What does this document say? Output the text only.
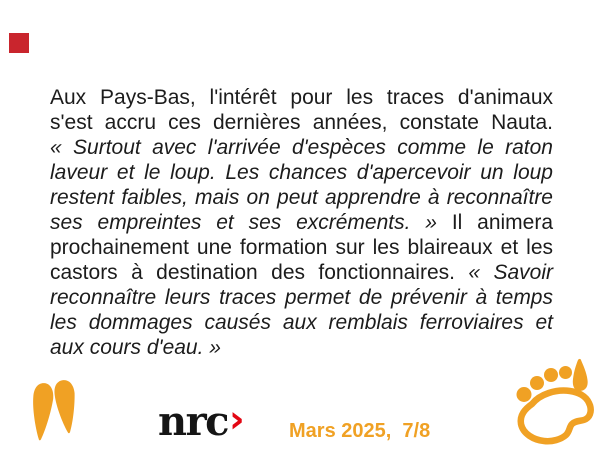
Aux Pays-Bas, l'intérêt pour les traces d'animaux s'est accru ces dernières années, constate Nauta. « Surtout avec l'arrivée d'espèces comme le raton laveur et le loup. Les chances d'apercevoir un loup restent faibles, mais on peut apprendre à reconnaître ses empreintes et ses excréments. » Il animera prochainement une formation sur les blaireaux et les castors à destination des fonctionnaires. « Savoir reconnaître leurs traces permet de prévenir à temps les dommages causés aux remblais ferroviaires et aux cours d'eau. »

nrc› Mars 2025,  7/8
